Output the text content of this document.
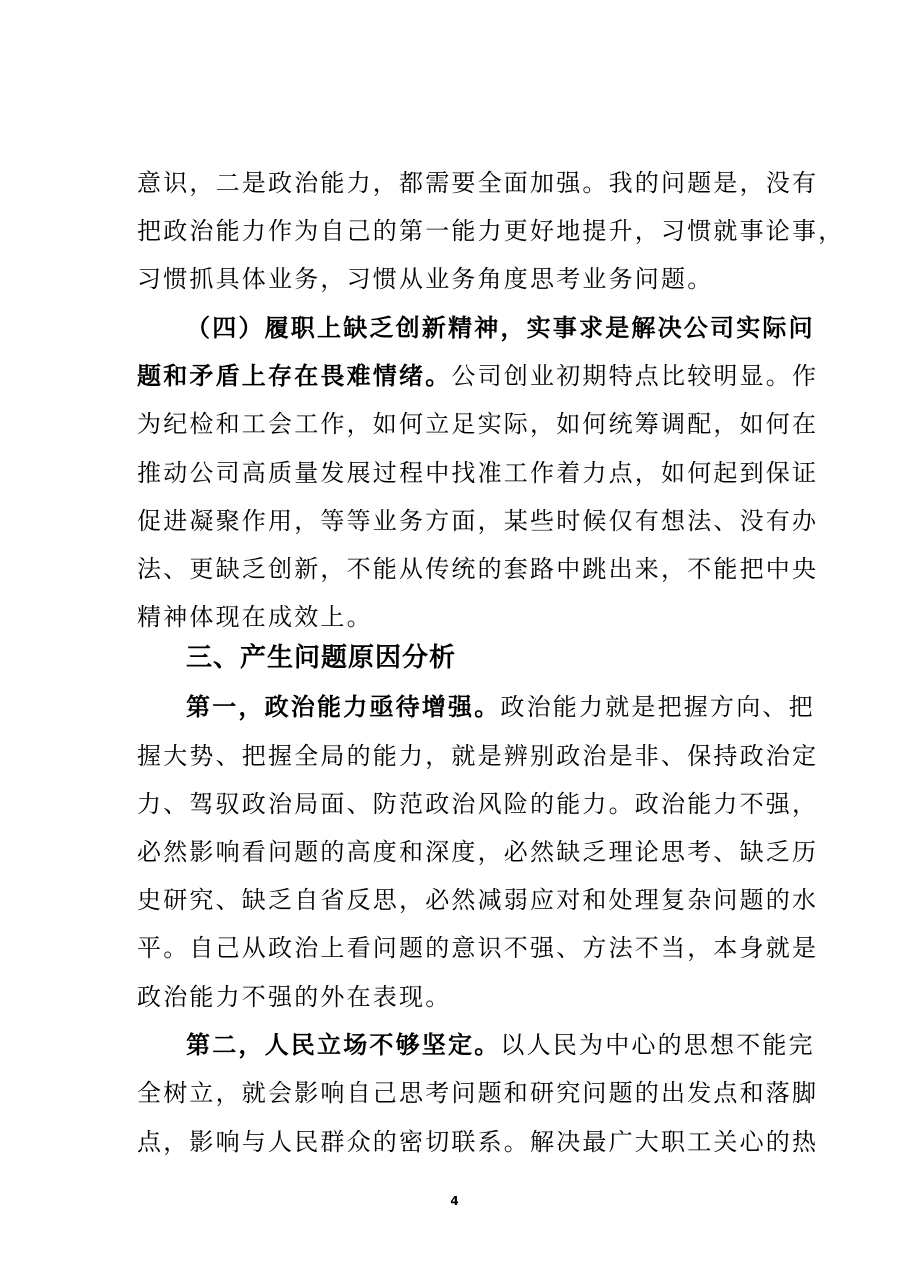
意识，二是政治能力，都需要全面加强。我的问题是，没有
把政治能力作为自己的第一能力更好地提升，习惯就事论事，
习惯抓具体业务，习惯从业务角度思考业务问题。
（四）履职上缺乏创新精神，实事求是解决公司实际问
题和矛盾上存在畏难情绪。公司创业初期特点比较明显。作
为纪检和工会工作，如何立足实际，如何统筹调配，如何在
推动公司高质量发展过程中找准工作着力点，如何起到保证
促进凝聚作用，等等业务方面，某些时候仅有想法、没有办
法、更缺乏创新，不能从传统的套路中跳出来，不能把中央
精神体现在成效上。
三、产生问题原因分析
第一，政治能力亟待增强。政治能力就是把握方向、把
握大势、把握全局的能力，就是辨别政治是非、保持政治定
力、驾驭政治局面、防范政治风险的能力。政治能力不强，
必然影响看问题的高度和深度，必然缺乏理论思考、缺乏历
史研究、缺乏自省反思，必然减弱应对和处理复杂问题的水
平。自己从政治上看问题的意识不强、方法不当，本身就是
政治能力不强的外在表现。
第二，人民立场不够坚定。以人民为中心的思想不能完
全树立，就会影响自己思考问题和研究问题的出发点和落脚
点，影响与人民群众的密切联系。解决最广大职工关心的热
4
